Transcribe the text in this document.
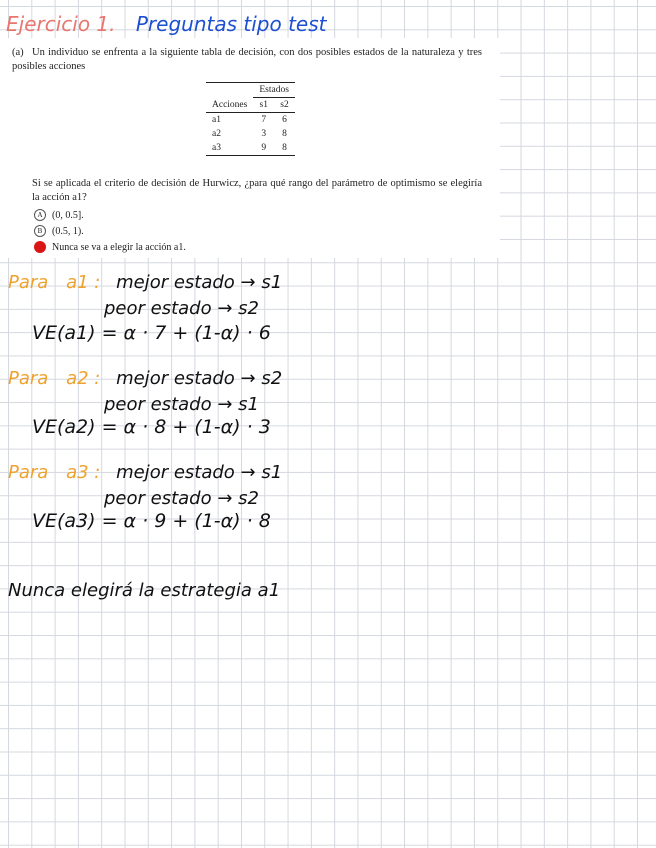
Ejercicio 1. Preguntas tipo test
(a) Un individuo se enfrenta a la siguiente tabla de decisión, con dos posibles estados de la naturaleza y tres posibles acciones
	Estados	
Acciones	s1	s2
a1	7	6
a2	3	8
a3	9	8
Si se aplicada el criterio de decisión de Hurwicz, ¿para qué rango del parámetro de optimismo se elegiría la acción a1?
A (0, 0.5].
B (0.5, 1).
Nunca se va a elegir la acción a1.
Para a1 : mejor estado → s1
peor estado → s2
VE(a1) = α · 7 + (1-α) · 6
Para a2 : mejor estado → s2
peor estado → s1
VE(a2) = α · 8 + (1-α) · 3
Para a3 : mejor estado → s1
peor estado → s2
VE(a3) = α · 9 + (1-α) · 8
Nunca elegirá la estrategia a1
